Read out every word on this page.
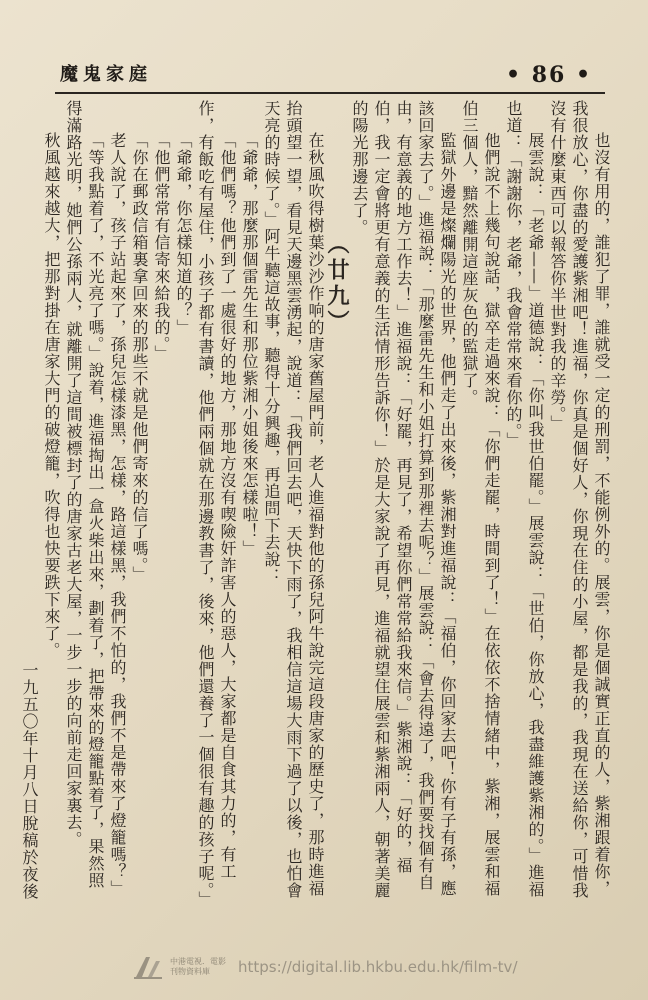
魔鬼家庭	• 86 •

也沒有用的，誰犯了罪，誰就受一定的刑罰，不能例外的。展雲，你是個誠實正直的人，紫湘跟着你，我很放心，你盡的愛護紫湘吧！進福，你真是個好人，你現在住的小屋，都是我的，我現在送給你，可惜我沒有什麼東西可以報答你半世對我的辛勞。」

展雲說：「老爺——」道德說：「你叫我世伯罷。」展雲說：「世伯，你放心，我盡維護紫湘的。」進福也道：「謝謝你，老爺，我會常常來看你的。」

他們說不上幾句說話，獄卒走過來說：「你們走罷，時間到了！」在依依不捨情緒中，紫湘，展雲和福伯三個人，黯然離開這座灰色的監獄了。

監獄外邊是燦爛陽光的世界，他們走了出來後，紫湘對進福說：「福伯，你回家去吧！你有子有孫，應該回家去了。」進福說：「那麼雷先生和小姐打算到那裡去呢？」展雲說：「會去得遠了，我們要找個有自由，有意義的地方工作去！」進福說：「好罷，再見了，希望你們常常給我來信。」紫湘說：「好的，福伯，我一定會將更有意義的生活情形告訴你！」於是大家說了再見，進福就望住展雲和紫湘兩人，朝著美麗的陽光那邊去了。

（廿九）

在秋風吹得樹葉沙沙作响的唐家舊屋門前，老人進福對他的孫兒阿牛說完這段唐家的歷史了，那時進福抬頭望一望，看見天邊黑雲湧起，說道：「我們回去吧，天快下雨了，我相信這場大雨下過了以後，也怕會天亮的時候了。」阿牛聽這故事，聽得十分興趣，再追問下去說：

「爺爺，那麼那個雷先生和那位紫湘小姐後來怎樣啦！」

「他們嗎？他們到了一處很好的地方，那地方沒有喫險奸詐害人的惡人，大家都是自食其力的，有工作，有飯吃有屋住，小孩子都有書讀，他們兩個就在那邊教書了，後來，他們還養了一個很有趣的孩子呢。」

「爺爺，你怎樣知道的？」

「他們常常有信寄來給我的。」

「你在郵政信箱裏拿回來的那些不就是他們寄來的信了嗎。」

老人說了，孩子站起來了，孫兒怎樣漆黑，怎樣，路這樣黑，我們不怕的，我們不是帶來了燈籠嗎？」

「等我點着了，不光亮了嗎。」說着，進福掏出一盒火柴出來，劃着了，把帶來的燈籠點着了，果然照得滿路光明，她們公孫兩人，就離開了這間被標封了的唐家古老大屋，一步一步的向前走回家裏去。

秋風越來越大，把那對掛在唐家大門的破燈籠，吹得也快要跌下來了。

一九五〇年十月八日脫稿於夜後

中港電視．電影
刊物資料庫	https://digital.lib.hkbu.edu.hk/film-tv/
